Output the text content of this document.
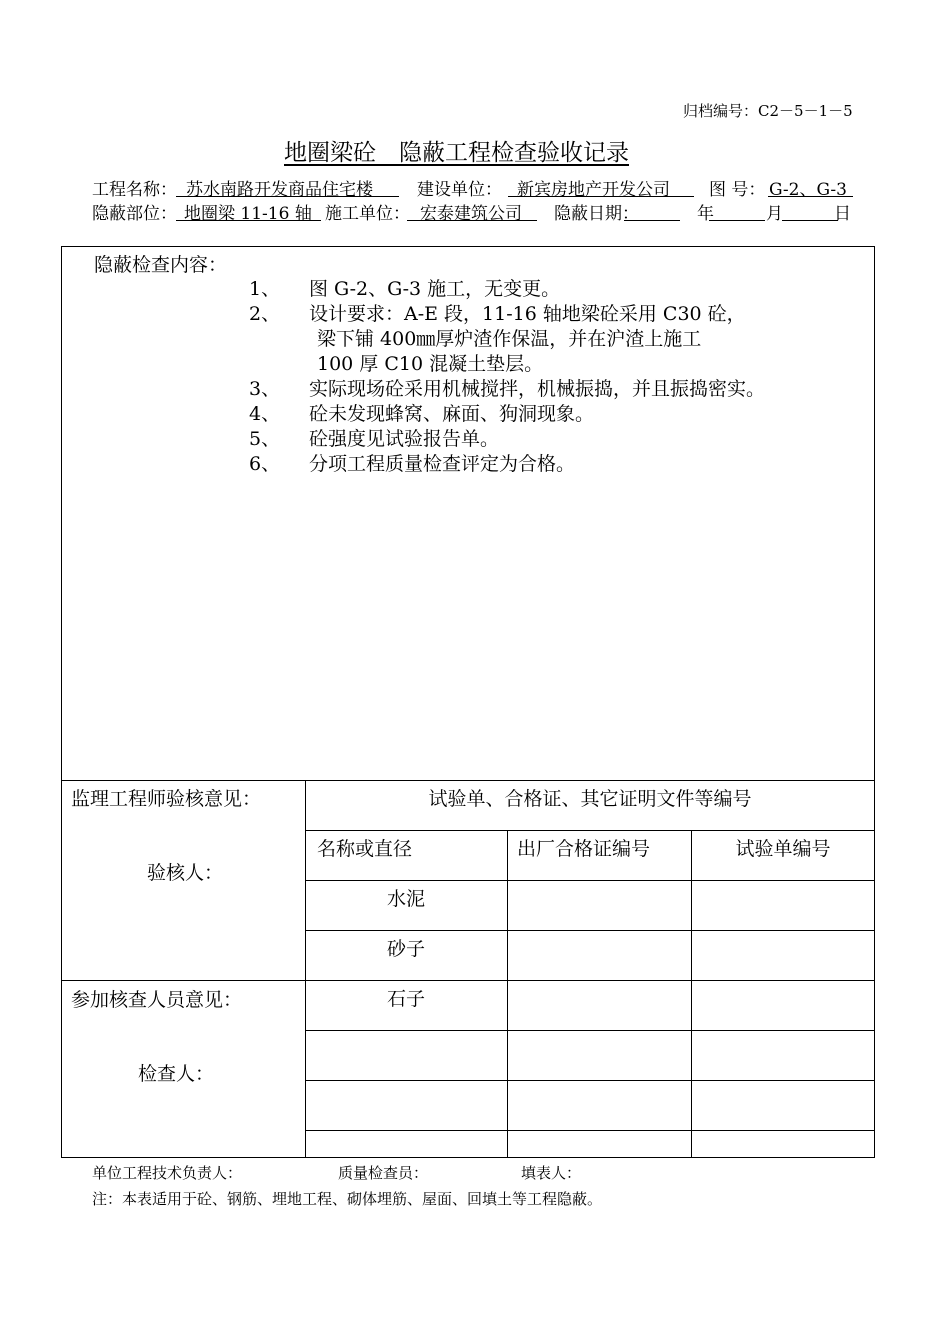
归档编号：C2－5－1－5
地圈梁砼　隐蔽工程检查验收记录
工程名称： 苏水南路开发商品住宅楼	建设单位： 新宾房地产开发公司 图 号： G-2、G-3
隐蔽部位： 地圈梁 11-16 轴 施工单位： 宏泰建筑公司 隐蔽日期：	年	月	日
隐蔽检查内容：
1、 图 G-2、G-3 施工，无变更。
2、 设计要求：A-E 段，11-16 轴地梁砼采用 C30 砼，
梁下铺 400㎜厚炉渣作保温，并在沪渣上施工
100 厚 C10 混凝土垫层。
3、 实际现场砼采用机械搅拌，机械振捣，并且振捣密实。
4、 砼未发现蜂窝、麻面、狗洞现象。
5、 砼强度见试验报告单。
6、 分项工程质量检查评定为合格。
监理工程师验核意见：
验核人：
参加核查人员意见：
检查人：
试验单、合格证、其它证明文件等编号
名称或直径	出厂合格证编号	试验单编号
水泥
砂子
石子
单位工程技术负责人：	质量检查员：	填表人：
注：本表适用于砼、钢筋、埋地工程、砌体埋筋、屋面、回填土等工程隐蔽。
